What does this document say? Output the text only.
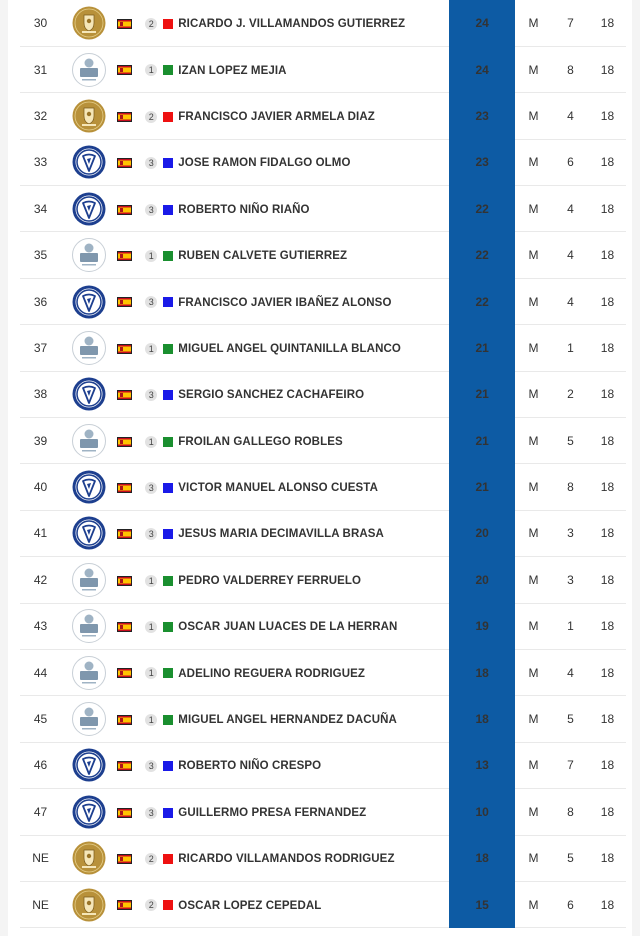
30			2 RICARDO J. VILLAMANDOS GUTIERREZ	24	M	7	18
31			1 IZAN LOPEZ MEJIA	24	M	8	18
32			2 FRANCISCO JAVIER ARMELA DIAZ	23	M	4	18
33			3 JOSE RAMON FIDALGO OLMO	23	M	6	18
34			3 ROBERTO NIÑO RIAÑO	22	M	4	18
35			1 RUBEN CALVETE GUTIERREZ	22	M	4	18
36			3 FRANCISCO JAVIER IBAÑEZ ALONSO	22	M	4	18
37			1 MIGUEL ANGEL QUINTANILLA BLANCO	21	M	1	18
38			3 SERGIO SANCHEZ CACHAFEIRO	21	M	2	18
39			1 FROILAN GALLEGO ROBLES	21	M	5	18
40			3 VICTOR MANUEL ALONSO CUESTA	21	M	8	18
41			3 JESUS MARIA DECIMAVILLA BRASA	20	M	3	18
42			1 PEDRO VALDERREY FERRUELO	20	M	3	18
43			1 OSCAR JUAN LUACES DE LA HERRAN	19	M	1	18
44			1 ADELINO REGUERA RODRIGUEZ	18	M	4	18
45			1 MIGUEL ANGEL HERNANDEZ DACUÑA	18	M	5	18
46			3 ROBERTO NIÑO CRESPO	13	M	7	18
47			3 GUILLERMO PRESA FERNANDEZ	10	M	8	18
NE			2 RICARDO VILLAMANDOS RODRIGUEZ	18	M	5	18
NE			2 OSCAR LOPEZ CEPEDAL	15	M	6	18
